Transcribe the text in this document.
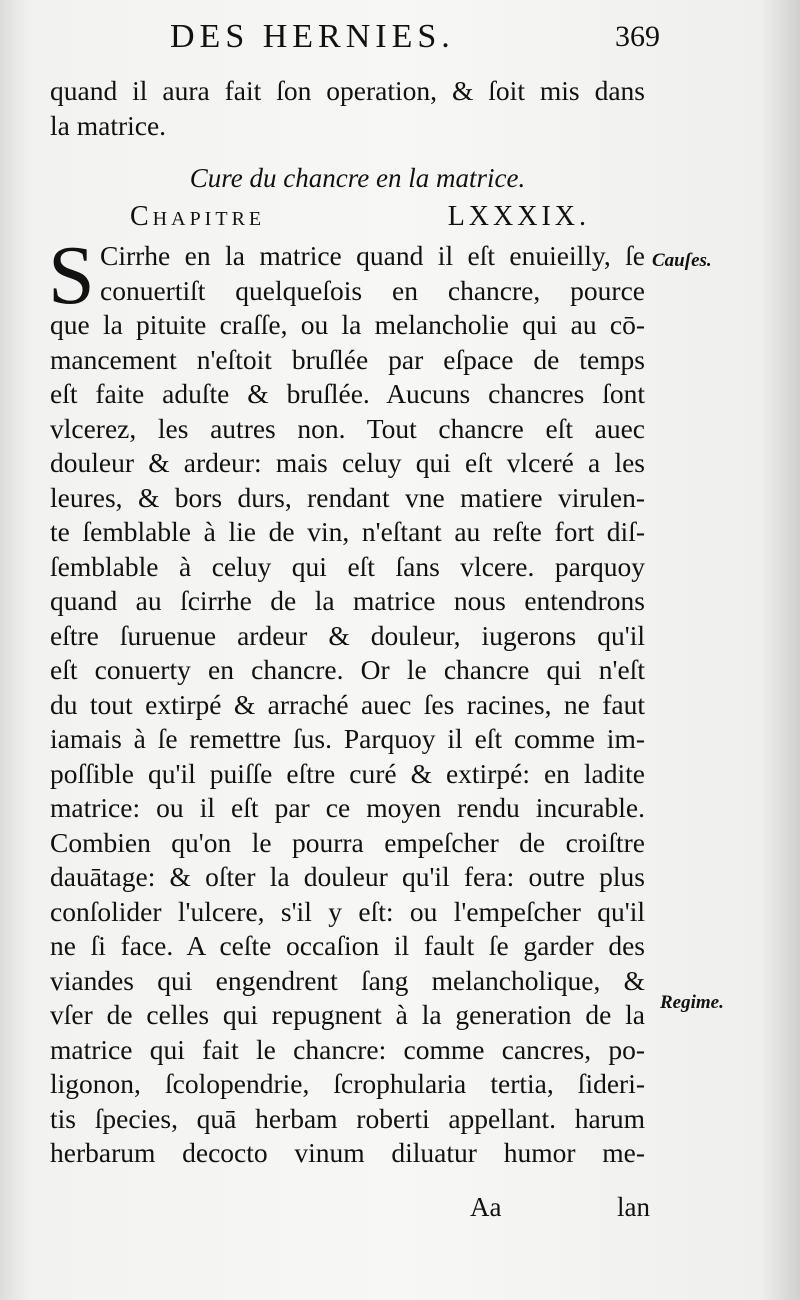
DES HERNIES.	369
quand il aura fait ſon operation, & ſoit mis dans
la matrice.
Cure du chancre en la matrice.
Chapitre	LXXXIX.
S Cirrhe en la matrice quand il eſt enuieilly, ſe
conuertiſt quelqueſois en chancre, pource
que la pituite craſſe, ou la melancholie qui au cō-
mancement n'eſtoit bruſlée par eſpace de temps
eſt faite aduſte & bruſlée. Aucuns chancres ſont
vlcerez, les autres non. Tout chancre eſt auec
douleur & ardeur: mais celuy qui eſt vlceré a les
leures, & bors durs, rendant vne matiere virulen-
te ſemblable à lie de vin, n'eſtant au reſte fort diſ-
ſemblable à celuy qui eſt ſans vlcere. parquoy
quand au ſcirrhe de la matrice nous entendrons
eſtre ſuruenue ardeur & douleur, iugerons qu'il
eſt conuerty en chancre. Or le chancre qui n'eſt
du tout extirpé & arraché auec ſes racines, ne faut
iamais à ſe remettre ſus. Parquoy il eſt comme im-
poſſible qu'il puiſſe eſtre curé & extirpé: en ladite
matrice: ou il eſt par ce moyen rendu incurable.
Combien qu'on le pourra empeſcher de croiſtre
dauātage: & oſter la douleur qu'il fera: outre plus
conſolider l'ulcere, s'il y eſt: ou l'empeſcher qu'il
ne ſi face. A ceſte occaſion il fault ſe garder des
viandes qui engendrent ſang melancholique, &
vſer de celles qui repugnent à la generation de la
matrice qui fait le chancre: comme cancres, po-
ligonon, ſcolopendrie, ſcrophularia tertia, ſideri-
tis ſpecies, quā herbam roberti appellant. harum
herbarum decocto vinum diluatur humor me-
Cauſes.
Regime.
Aa	lan
